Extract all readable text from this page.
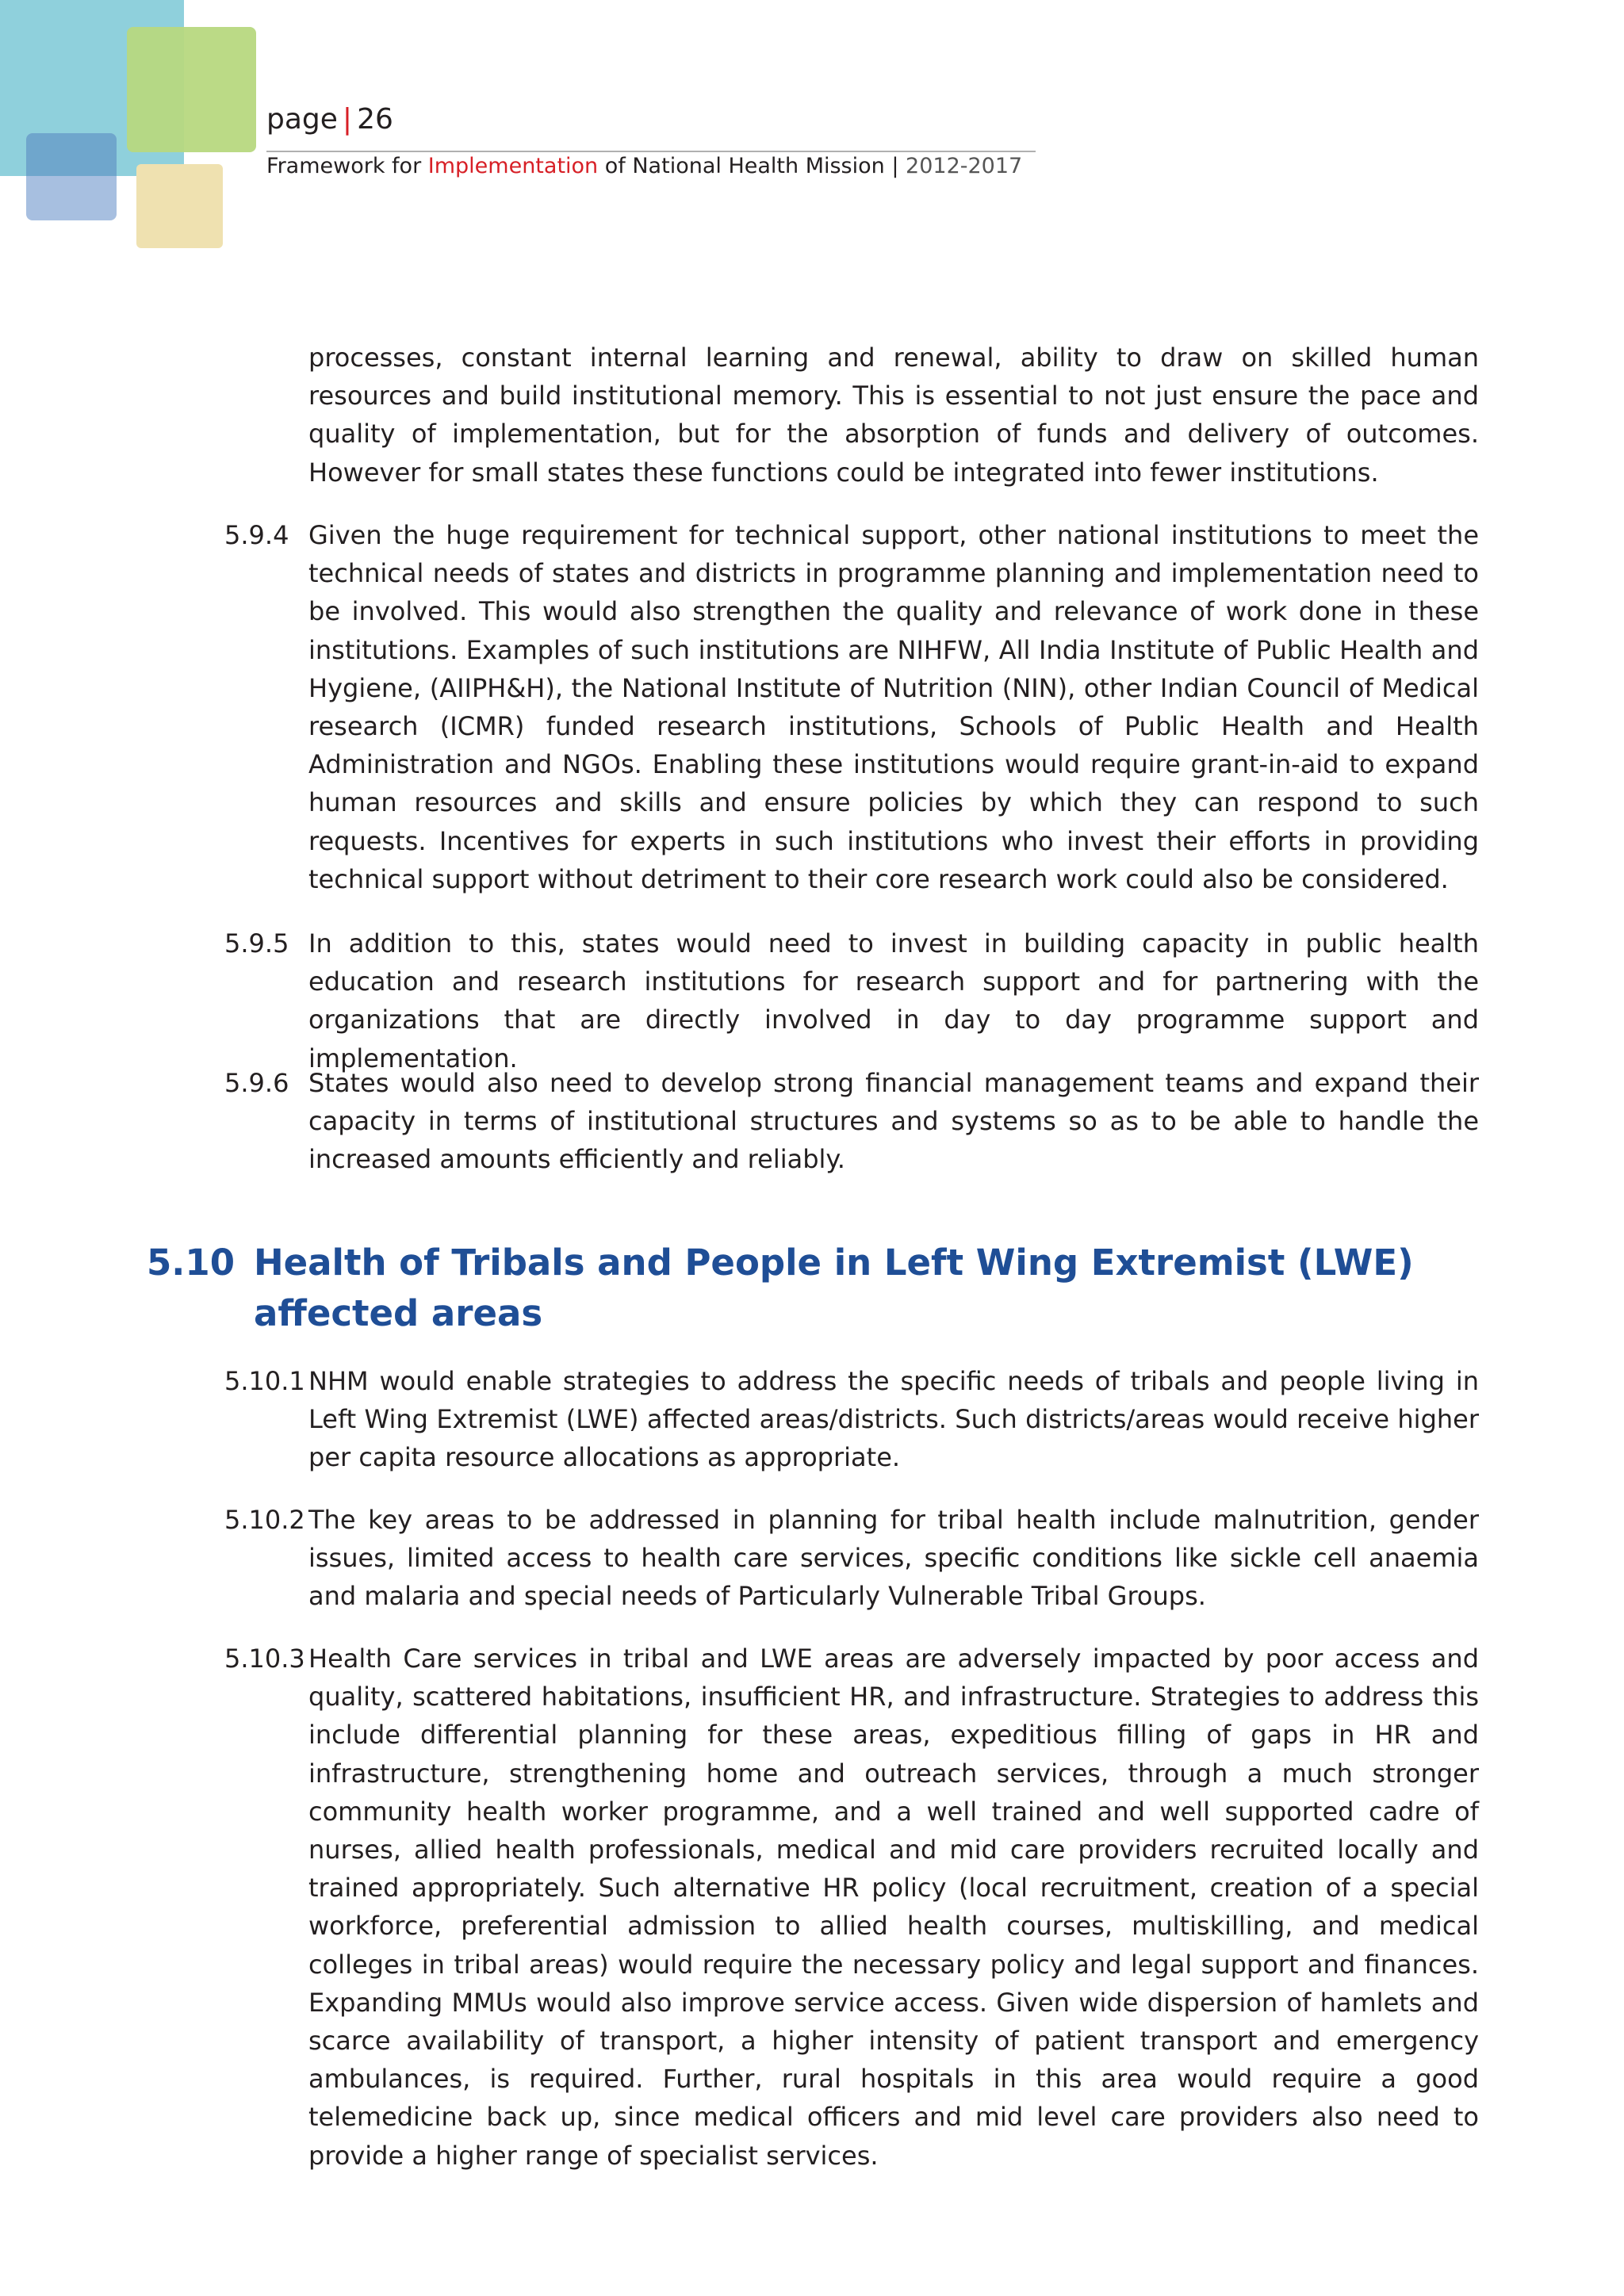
page | 26
Framework for Implementation of National Health Mission | 2012-2017
processes, constant internal learning and renewal, ability to draw on skilled human resources and build institutional memory. This is essential to not just ensure the pace and quality of implementation, but for the absorption of funds and delivery of outcomes. However for small states these functions could be integrated into fewer institutions.
5.9.4 Given the huge requirement for technical support, other national institutions to meet the technical needs of states and districts in programme planning and implementation need to be involved. This would also strengthen the quality and relevance of work done in these institutions. Examples of such institutions are NIHFW, All India Institute of Public Health and Hygiene, (AIIPH&H), the National Institute of Nutrition (NIN), other Indian Council of Medical research (ICMR) funded research institutions, Schools of Public Health and Health Administration and NGOs. Enabling these institutions would require grant-in-aid to expand human resources and skills and ensure policies by which they can respond to such requests. Incentives for experts in such institutions who invest their efforts in providing technical support without detriment to their core research work could also be considered.
5.9.5 In addition to this, states would need to invest in building capacity in public health education and research institutions for research support and for partnering with the organizations that are directly involved in day to day programme support and implementation.
5.9.6 States would also need to develop strong financial management teams and expand their capacity in terms of institutional structures and systems so as to be able to handle the increased amounts efficiently and reliably.
5.10 Health of Tribals and People in Left Wing Extremist (LWE) affected areas
5.10.1 NHM would enable strategies to address the specific needs of tribals and people living in Left Wing Extremist (LWE) affected areas/districts. Such districts/areas would receive higher per capita resource allocations as appropriate.
5.10.2 The key areas to be addressed in planning for tribal health include malnutrition, gender issues, limited access to health care services, specific conditions like sickle cell anaemia and malaria and special needs of Particularly Vulnerable Tribal Groups.
5.10.3 Health Care services in tribal and LWE areas are adversely impacted by poor access and quality, scattered habitations, insufficient HR, and infrastructure. Strategies to address this include differential planning for these areas, expeditious filling of gaps in HR and infrastructure, strengthening home and outreach services, through a much stronger community health worker programme, and a well trained and well supported cadre of nurses, allied health professionals, medical and mid care providers recruited locally and trained appropriately. Such alternative HR policy (local recruitment, creation of a special workforce, preferential admission to allied health courses, multiskilling, and medical colleges in tribal areas) would require the necessary policy and legal support and finances. Expanding MMUs would also improve service access. Given wide dispersion of hamlets and scarce availability of transport, a higher intensity of patient transport and emergency ambulances, is required. Further, rural hospitals in this area would require a good telemedicine back up, since medical officers and mid level care providers also need to provide a higher range of specialist services.
